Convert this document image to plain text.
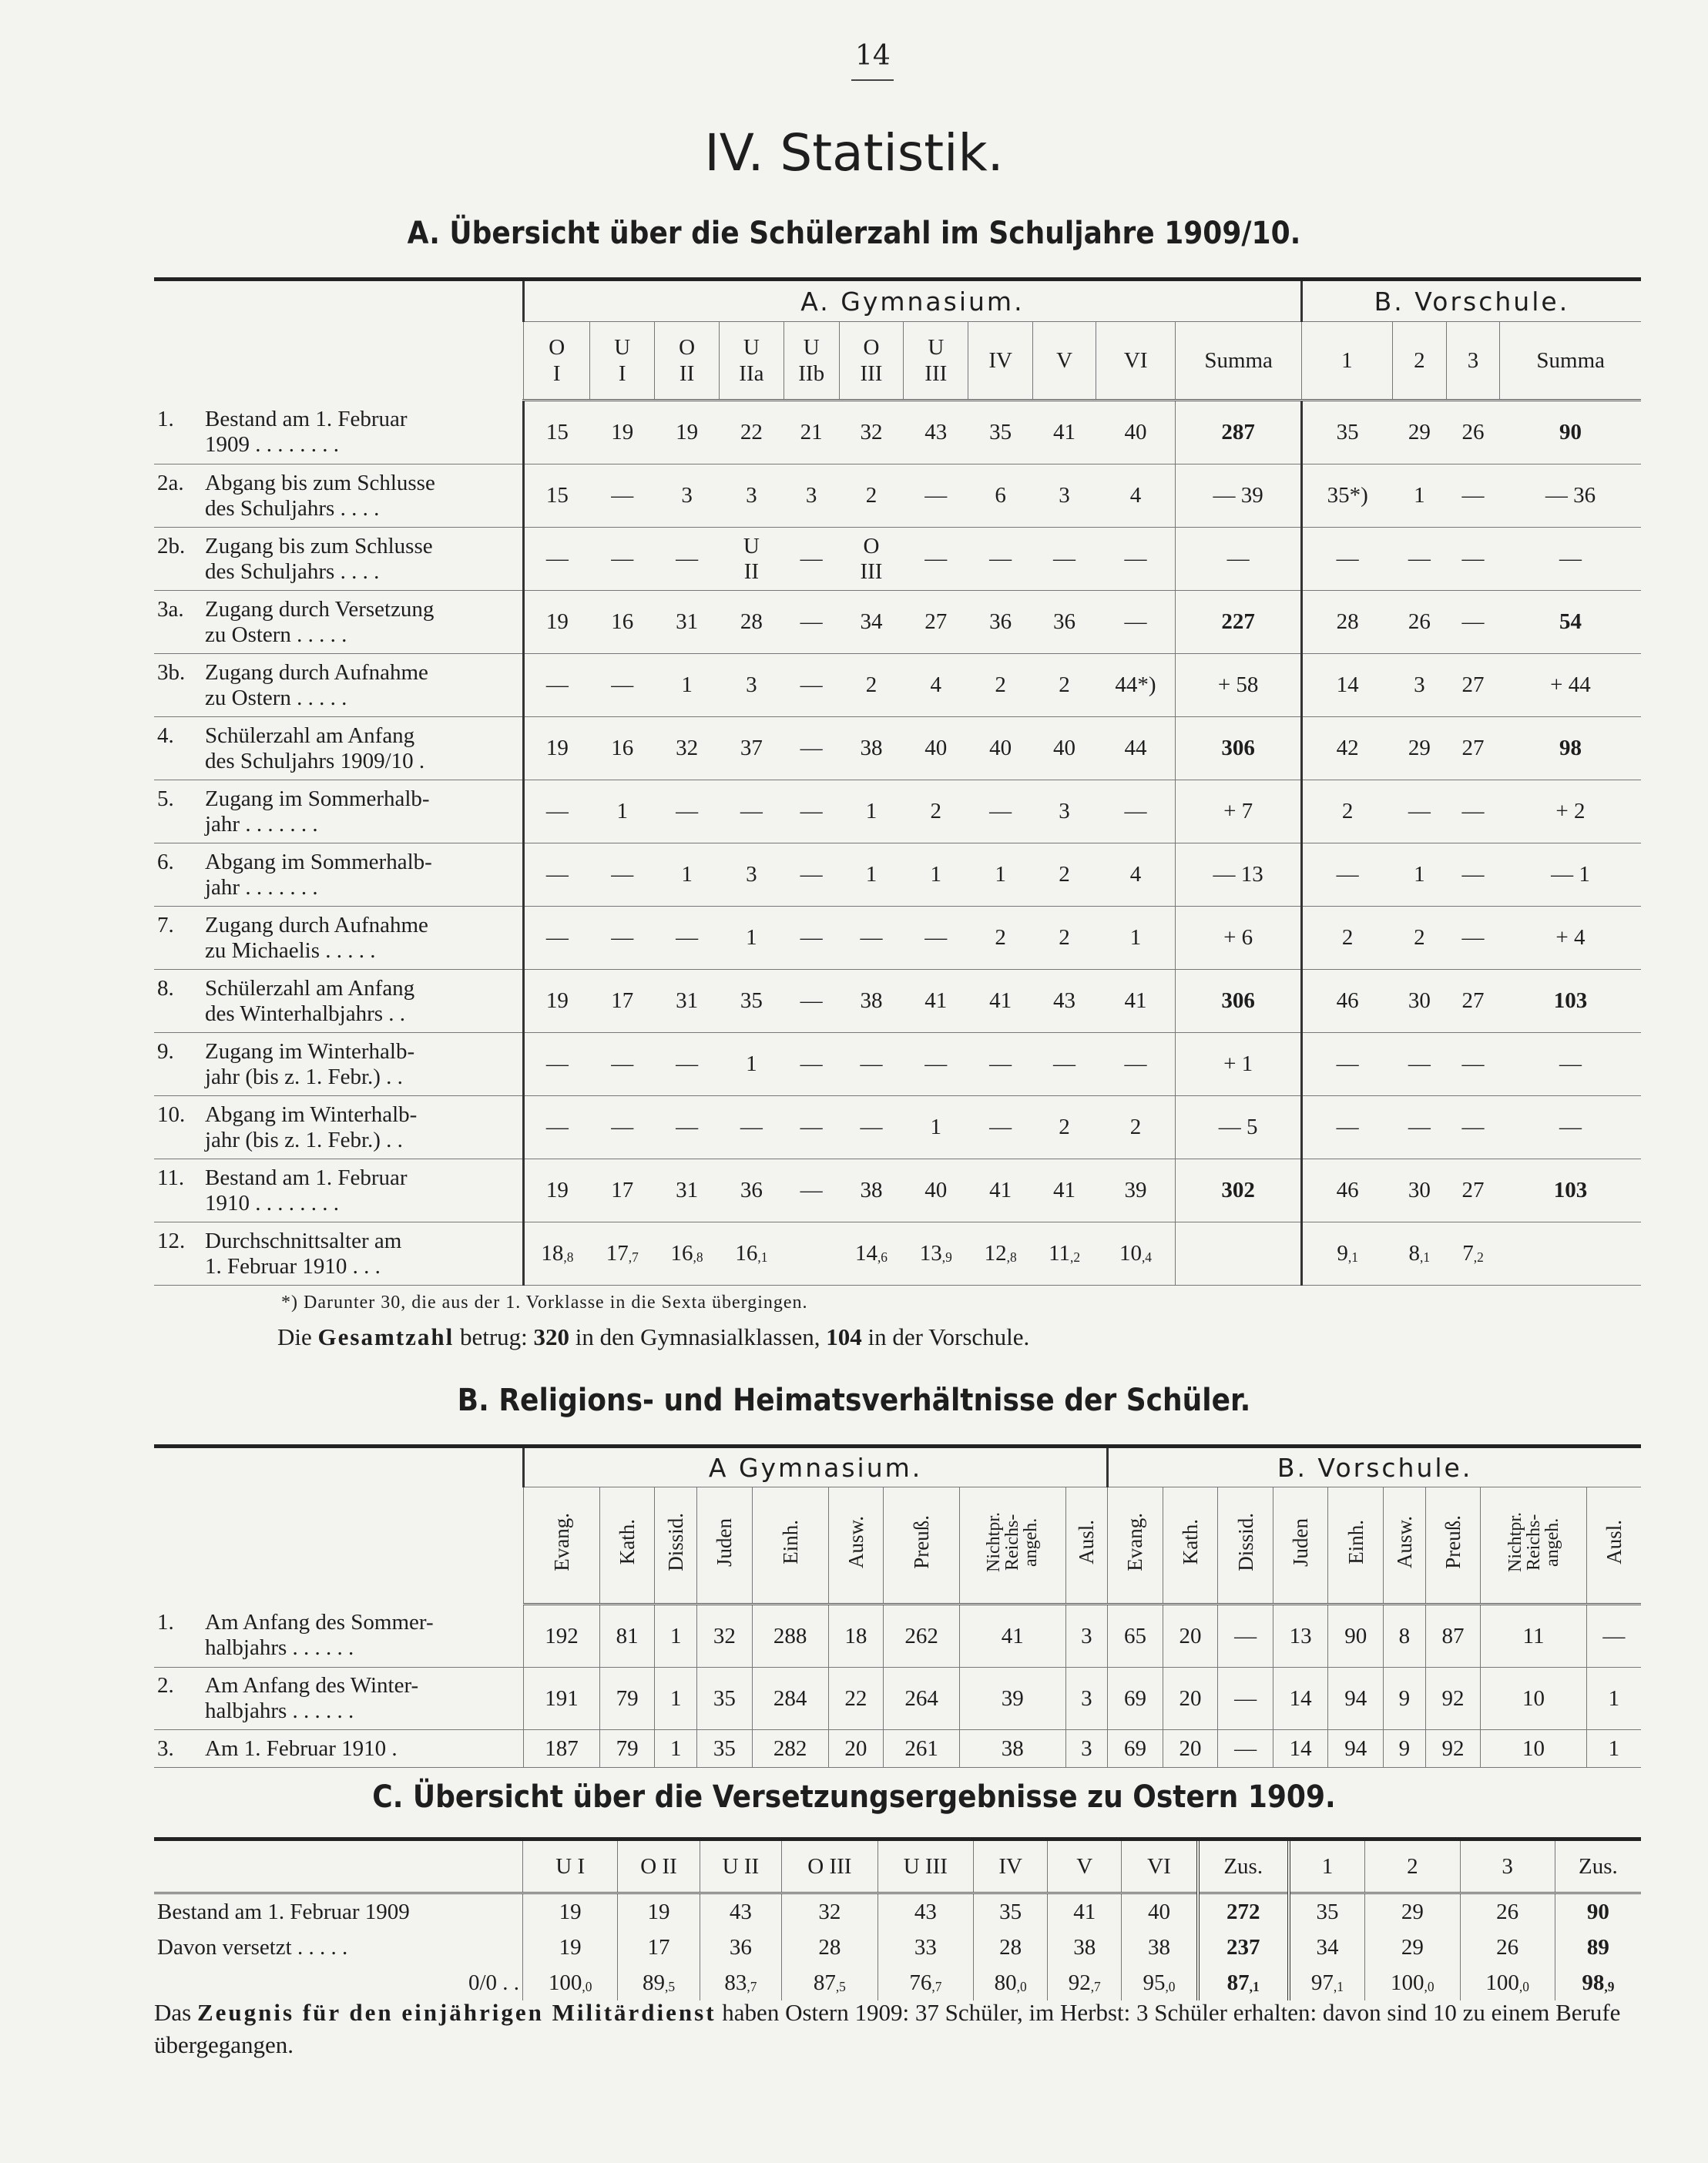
14
IV. Statistik.
A. Übersicht über die Schülerzahl im Schuljahre 1909/10.
	A. Gymnasium.											B. Vorschule.			
	O
I	U
I	O
II	U
IIa	U
IIb	O
III	U
III	IV	V	VI	Summa	1	2	3	Summa
1. Bestand am 1. Februar
1909 . . . . . . . .	15	19	19	22	21	32	43	35	41	40	287	35	29	26	90
2a. Abgang bis zum Schlusse
des Schuljahrs . . . .	15	—	3	3	3	2	—	6	3	4	— 39	35*)	1	—	— 36
2b. Zugang bis zum Schlusse
des Schuljahrs . . . .	—	—	—	U
II	—	O
III	—	—	—	—	—	—	—	—	—
3a. Zugang durch Versetzung
zu Ostern . . . . .	19	16	31	28	—	34	27	36	36	—	227	28	26	—	54
3b. Zugang durch Aufnahme
zu Ostern . . . . .	—	—	1	3	—	2	4	2	2	44*)	+ 58	14	3	27	+ 44
4. Schülerzahl am Anfang
des Schuljahrs 1909/10 .	19	16	32	37	—	38	40	40	40	44	306	42	29	27	98
5. Zugang im Sommerhalb-
jahr . . . . . . .	—	1	—	—	—	1	2	—	3	—	+ 7	2	—	—	+ 2
6. Abgang im Sommerhalb-
jahr . . . . . . .	—	—	1	3	—	1	1	1	2	4	— 13	—	1	—	— 1
7. Zugang durch Aufnahme
zu Michaelis . . . . .	—	—	—	1	—	—	—	2	2	1	+ 6	2	2	—	+ 4
8. Schülerzahl am Anfang
des Winterhalbjahrs . .	19	17	31	35	—	38	41	41	43	41	306	46	30	27	103
9. Zugang im Winterhalb-
jahr (bis z. 1. Febr.) . .	—	—	—	1	—	—	—	—	—	—	+ 1	—	—	—	—
10. Abgang im Winterhalb-
jahr (bis z. 1. Febr.) . .	—	—	—	—	—	—	1	—	2	2	— 5	—	—	—	—
11. Bestand am 1. Februar
1910 . . . . . . . .	19	17	31	36	—	38	40	41	41	39	302	46	30	27	103
12. Durchschnittsalter am
1. Februar 1910 . . .	$18_{,8}$	$17_{,7}$	$16_{,8}$	$16_{,1}$		$14_{,6}$	$13_{,9}$	$12_{,8}$	$11_{,2}$	$10_{,4}$		$9_{,1}$	$8_{,1}$	$7_{,2}$	
*) Darunter 30, die aus der 1. Vorklasse in die Sexta übergingen.
Die Gesamtzahl betrug: 320 in den Gymnasialklassen, 104 in der Vorschule.
B. Religions- und Heimatsverhältnisse der Schüler.
	A Gymnasium.									B. Vorschule.								
	Evang.	Kath.	Dissid.	Juden	Einh.	Ausw.	Preuß.	Nichtpr. Reichs- angeh.	Ausl.	Evang.	Kath.	Dissid.	Juden	Einh.	Ausw.	Preuß.	Nichtpr. Reichs- angeh.	Ausl.
1. Am Anfang des Sommer-
halbjahrs . . . . . .	192	81	1	32	288	18	262	41	3	65	20	—	13	90	8	87	11	—
2. Am Anfang des Winter-
halbjahrs . . . . . .	191	79	1	35	284	22	264	39	3	69	20	—	14	94	9	92	10	1
3. Am 1. Februar 1910 .	187	79	1	35	282	20	261	38	3	69	20	—	14	94	9	92	10	1
C. Übersicht über die Versetzungsergebnisse zu Ostern 1909.
	U I	O II	U II	O III	U III	IV	V	VI	Zus.	1	2	3	Zus.
Bestand am 1. Februar 1909	19	19	43	32	43	35	41	40	272	35	29	26	90
Davon versetzt . . . . .	19	17	36	28	33	28	38	38	237	34	29	26	89
0/0 . .	$100_{,0}$	$89_{,5}$	$83_{,7}$	$87_{,5}$	$76_{,7}$	$80_{,0}$	$92_{,7}$	$95_{,0}$	$87_{,1}$	$97_{,1}$	$100_{,0}$	$100_{,0}$	$98_{,9}$
Das Zeugnis für den einjährigen Militärdienst haben Ostern 1909: 37 Schüler, im Herbst: 3 Schüler erhalten: davon sind 10 zu einem Berufe übergegangen.
